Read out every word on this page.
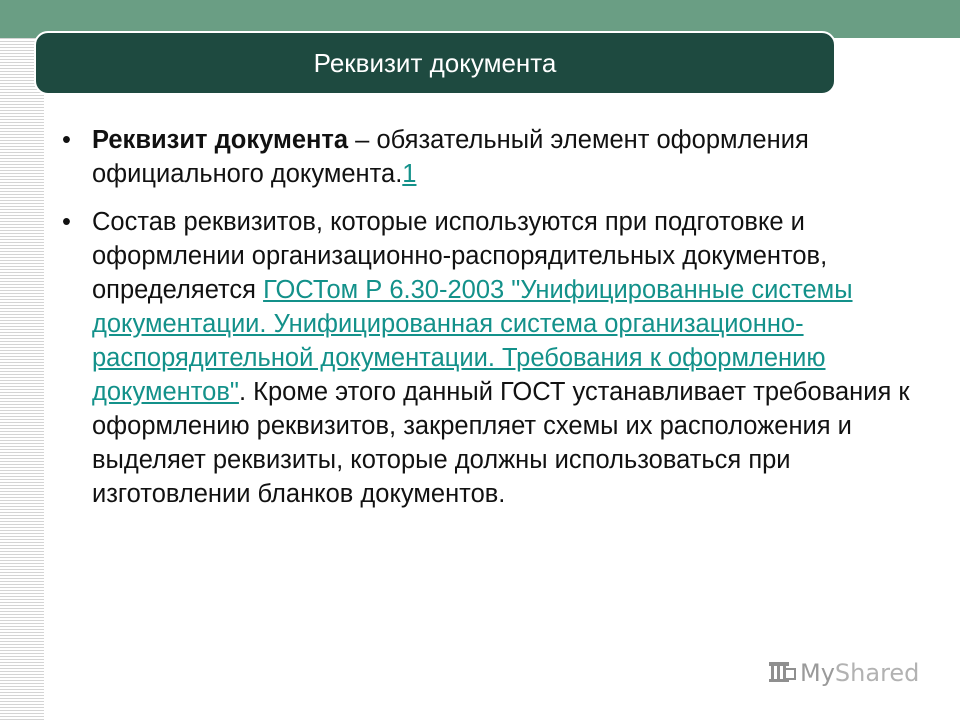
Реквизит документа
• Реквизит документа – обязательный элемент оформления официального документа.1
• Состав реквизитов, которые используются при подготовке и оформлении организационно-распорядительных документов, определяется ГОСТом Р 6.30-2003 "Унифицированные системы документации. Унифицированная система организационно-распорядительной документации. Требования к оформлению документов". Кроме этого данный ГОСТ устанавливает требования к оформлению реквизитов, закрепляет схемы их расположения и выделяет реквизиты, которые должны использоваться при изготовлении бланков документов.
MyShared
